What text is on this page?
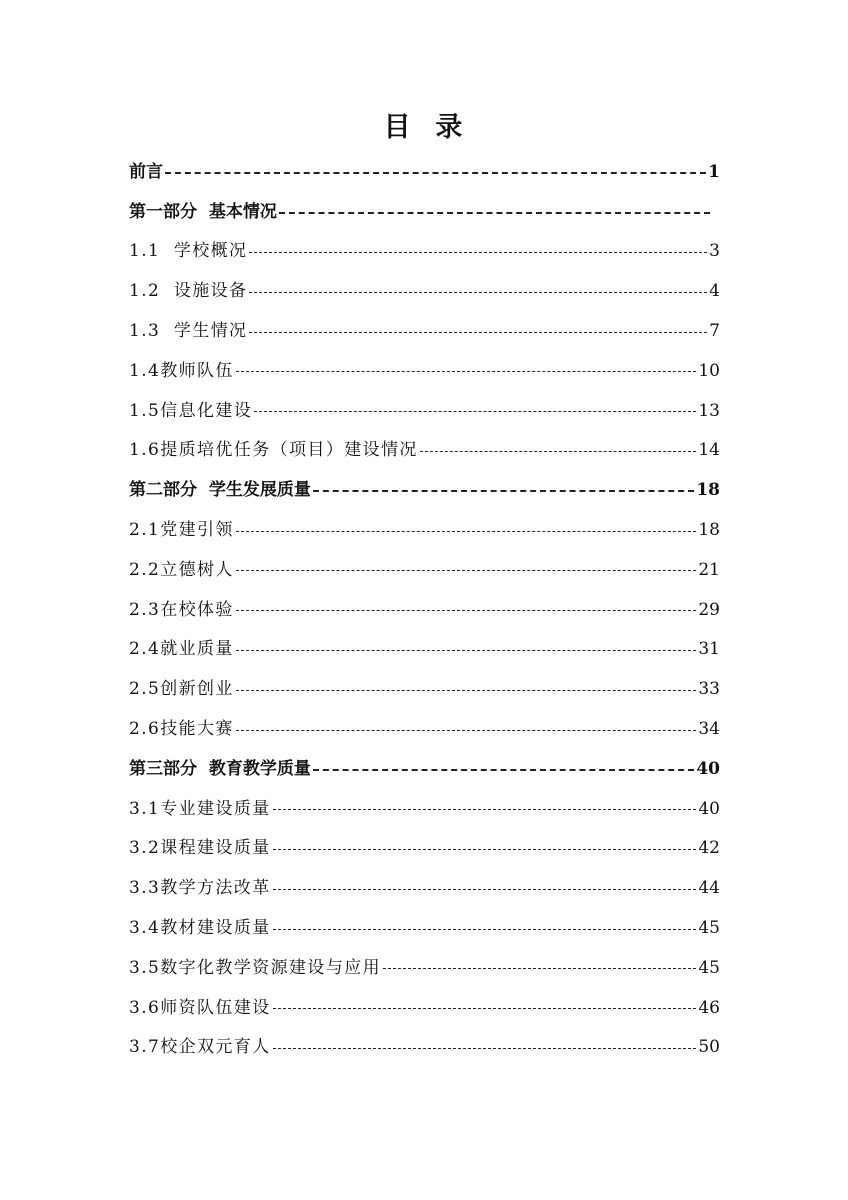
目  录
前言	1
第一部分  基本情况
1.1  学校概况	3
1.2  设施设备	4
1.3  学生情况	7
1.4教师队伍	10
1.5信息化建设	13
1.6提质培优任务（项目）建设情况	14
第二部分  学生发展质量	18
2.1党建引领	18
2.2立德树人	21
2.3在校体验	29
2.4就业质量	31
2.5创新创业	33
2.6技能大赛	34
第三部分  教育教学质量	40
3.1专业建设质量	40
3.2课程建设质量	42
3.3教学方法改革	44
3.4教材建设质量	45
3.5数字化教学资源建设与应用	45
3.6师资队伍建设	46
3.7校企双元育人	50
